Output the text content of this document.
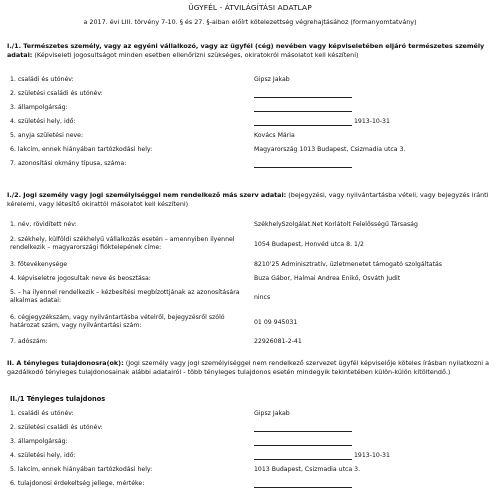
ÜGYFÉL - ÁTVILÁGÍTÁSI ADATLAP
a 2017. évi LIII. törvény 7-10. § és 27. §-aiban előírt kötelezettség végrehajtásához (formanyomtatvány)
I./1. Természetes személy, vagy az egyéni vállalkozó, vagy az ügyfél (cég) nevében vagy képviseletében eljáró természetes személy adatai: (Képviseleti jogosultságot minden esetben ellenőrizni szükséges, okiratokról másolatot kell készíteni)
1. családi és utónév:	Gipsz Jakab
2. születési családi és utónév:
3. állampolgárság:
4. születési hely, idő:	1913-10-31
5. anyja születési neve:	Kovács Mária
6. lakcím, ennek hiányában tartózkodási hely:	Magyarország 1013 Budapest, Csizmadia utca 3.
7. azonosítási okmány típusa, száma:
I./2. Jogi személy vagy jogi személyiséggel nem rendelkező más szerv adatai: (bejegyzési, vagy nyilvántartásba vételi, vagy bejegyzés iránti kérelemi, vagy létesítő okirattól másolatot kell készíteni)
1. név, rövidített név:	SzékhelySzolgálat.Net Korlátolt Felelősségű Társaság
2. székhely, külföldi székhelyű vállalkozás esetén – amennyiben ilyennel rendelkezik – magyarországi fióktelepének címe:	1054 Budapest, Honvéd utca 8. 1/2
3. főtevékenysége	8210'25 Adminisztratív, üzletmenetet támogató szolgáltatás
4. képviseletre jogosultak neve és beosztása:	Buza Gábor, Halmai Andrea Enikő, Osváth Judit
5. – ha ilyennel rendelkezik – kézbesítési megbízottjának az azonosítására alkalmas adatai:	nincs
6. cégjegyzékszám, vagy nyilvántartásba vételről, bejegyzésről szóló határozat szám, vagy nyilvántartási szám:	01 09 945031
7. adószám:	22926081-2-41
II. A tényleges tulajdonosra(ok): (Jogi személy vagy jogi személyiséggel nem rendelkező szervezet ügyfél képviselője köteles írásban nyilatkozni a gazdálkodó tényleges tulajdonosainak alábbi adatairól - több tényleges tulajdonos esetén mindegyik tekintetében külön-külön kitöltendő.)
II./1 Tényleges tulajdonos
1. családi és utónév:	Gipsz Jakab
2. születési családi és utónév:
3. állampolgárság:
4. születési hely, idő:	1913-10-31
5. lakcím, ennek hiányában tartózkodási hely:	1013 Budapest, Csizmadia utca 3.
6. tulajdonosi érdekeltség jellege, mértéke:
